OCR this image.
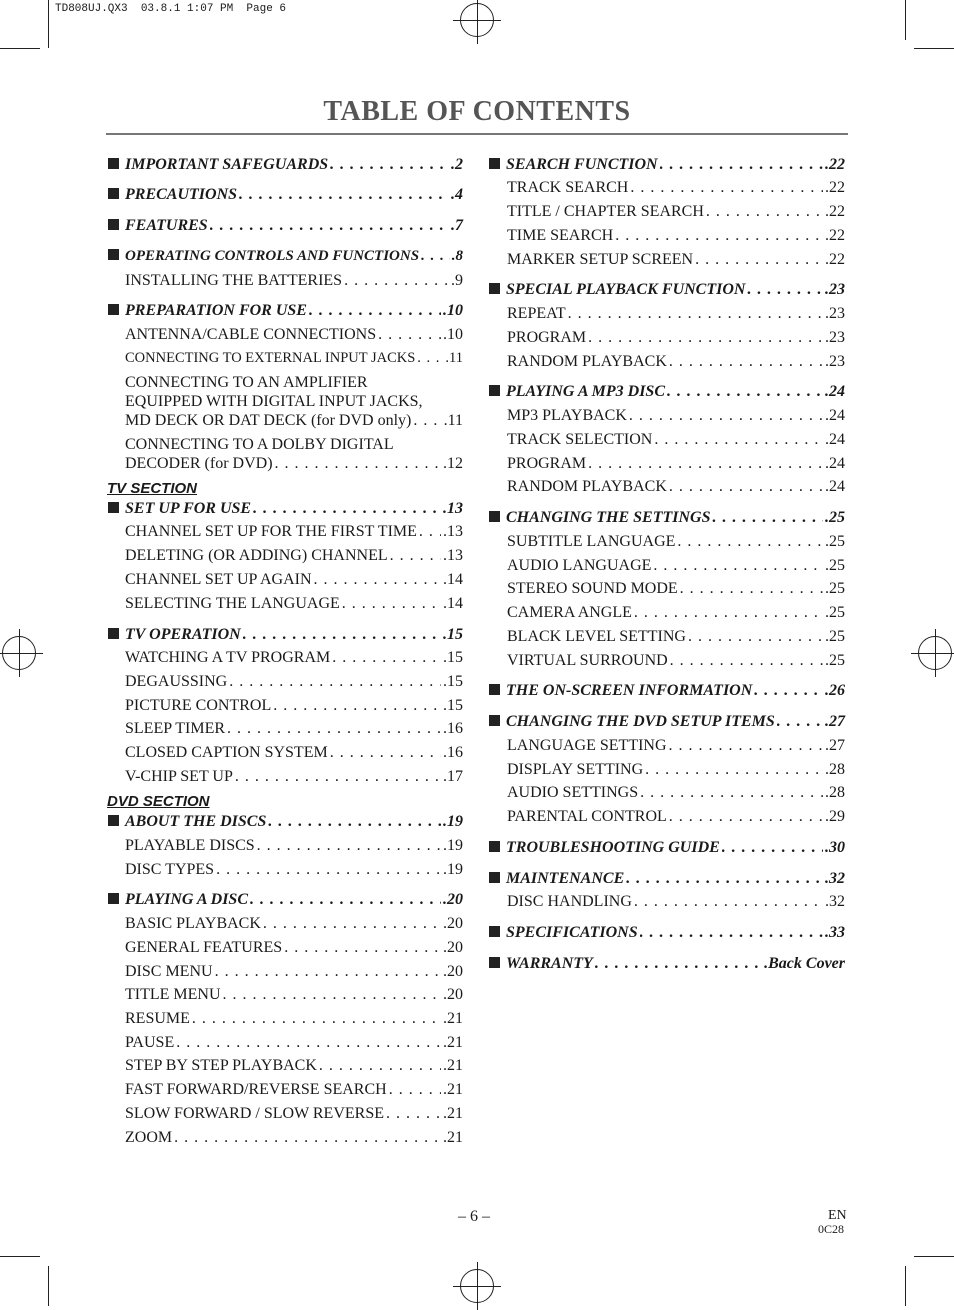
TD808UJ.QX3  03.8.1 1:07 PM  Page 6
TABLE OF CONTENTS
IMPORTANT SAFEGUARDS . . .	.2
PRECAUTIONS . . .	.4
FEATURES . . .	.7
OPERATING CONTROLS AND FUNCTIONS . . . .8
INSTALLING THE BATTERIES . . .	.9
PREPARATION FOR USE . . .	.10
ANTENNA/CABLE CONNECTIONS . . .	.10
CONNECTING TO EXTERNAL INPUT JACKS . . . .11
CONNECTING TO AN AMPLIFIER
EQUIPPED WITH DIGITAL INPUT JACKS,
MD DECK OR DAT DECK (for DVD only) . . . .11
CONNECTING TO A DOLBY DIGITAL
DECODER (for DVD) . . .	.12
TV SECTION
SET UP FOR USE . . .	.13
CHANNEL SET UP FOR THE FIRST TIME . . . .13
DELETING (OR ADDING) CHANNEL . . .	.13
CHANNEL SET UP AGAIN . . .	.14
SELECTING THE LANGUAGE . . .	.14
TV OPERATION . . .	.15
WATCHING A TV PROGRAM . . .	.15
DEGAUSSING . . .	.15
PICTURE CONTROL . . .	.15
SLEEP TIMER . . .	.16
CLOSED CAPTION SYSTEM . . .	.16
V-CHIP SET UP . . .	.17
DVD SECTION
ABOUT THE DISCS . . .	.19
PLAYABLE DISCS . . .	.19
DISC TYPES . . .	.19
PLAYING A DISC . . .	.20
BASIC PLAYBACK . . .	.20
GENERAL FEATURES . . .	.20
DISC MENU . . .	.20
TITLE MENU . . .	.20
RESUME . . .	.21
PAUSE . . .	.21
STEP BY STEP PLAYBACK . . .	.21
FAST FORWARD/REVERSE SEARCH . . .	.21
SLOW FORWARD / SLOW REVERSE . . .	.21
ZOOM . . .	.21
SEARCH FUNCTION . . .	.22
TRACK SEARCH . . .	.22
TITLE / CHAPTER SEARCH . . .	.22
TIME SEARCH . . .	.22
MARKER SETUP SCREEN . . .	.22
SPECIAL PLAYBACK FUNCTION . . .	.23
REPEAT . . .	.23
PROGRAM . . .	.23
RANDOM PLAYBACK . . .	.23
PLAYING A MP3 DISC . . .	.24
MP3 PLAYBACK . . .	.24
TRACK SELECTION . . .	.24
PROGRAM . . .	.24
RANDOM PLAYBACK . . .	.24
CHANGING THE SETTINGS . . .	.25
SUBTITLE LANGUAGE . . .	.25
AUDIO LANGUAGE . . .	.25
STEREO SOUND MODE . . .	.25
CAMERA ANGLE . . .	.25
BLACK LEVEL SETTING . . .	.25
VIRTUAL SURROUND . . .	.25
THE ON-SCREEN INFORMATION . . .	.26
CHANGING THE DVD SETUP ITEMS . . .	.27
LANGUAGE SETTING . . .	.27
DISPLAY SETTING . . .	.28
AUDIO SETTINGS . . .	.28
PARENTAL CONTROL . . .	.29
TROUBLESHOOTING GUIDE . . .	.30
MAINTENANCE . . .	.32
DISC HANDLING . . .	.32
SPECIFICATIONS . . .	.33
WARRANTY . . .	.Back Cover
– 6 –	EN
0C28
